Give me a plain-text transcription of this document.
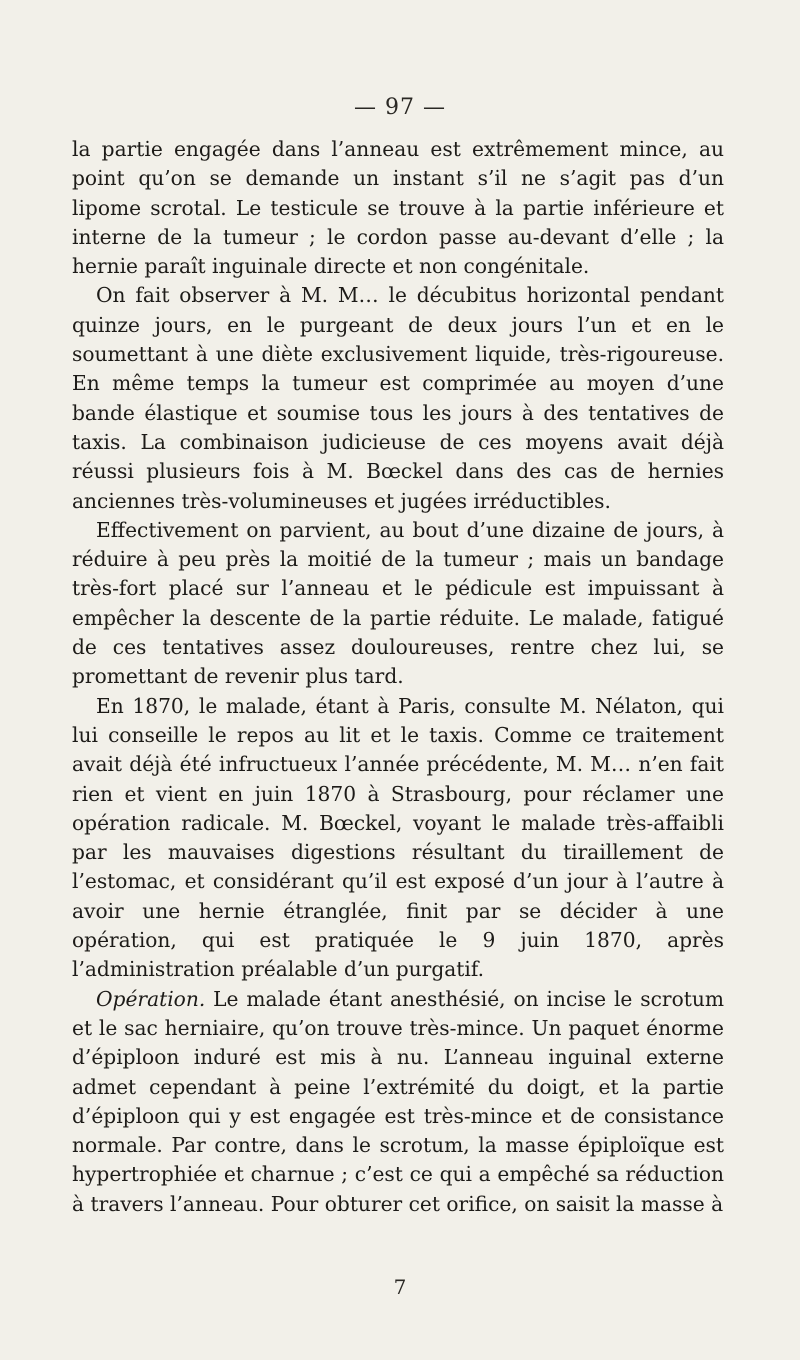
— 97 —

la partie engagée dans l’anneau est extrêmement mince, au point qu’on se demande un instant s’il ne s’agit pas d’un lipome scrotal. Le testicule se trouve à la partie inférieure et interne de la tumeur ; le cordon passe au-devant d’elle ; la hernie paraît inguinale directe et non congénitale.

On fait observer à M. M… le décubitus horizontal pendant quinze jours, en le purgeant de deux jours l’un et en le soumettant à une diète exclusivement liquide, très-rigoureuse. En même temps la tumeur est comprimée au moyen d’une bande élastique et soumise tous les jours à des tentatives de taxis. La combinaison judicieuse de ces moyens avait déjà réussi plusieurs fois à M. Bœckel dans des cas de hernies anciennes très-volumineuses et jugées irréductibles.

Effectivement on parvient, au bout d’une dizaine de jours, à réduire à peu près la moitié de la tumeur ; mais un bandage très-fort placé sur l’anneau et le pédicule est impuissant à empêcher la descente de la partie réduite. Le malade, fatigué de ces tentatives assez douloureuses, rentre chez lui, se promettant de revenir plus tard.

En 1870, le malade, étant à Paris, consulte M. Nélaton, qui lui conseille le repos au lit et le taxis. Comme ce traitement avait déjà été infructueux l’année précédente, M. M… n’en fait rien et vient en juin 1870 à Strasbourg, pour réclamer une opération radicale. M. Bœckel, voyant le malade très-affaibli par les mauvaises digestions résultant du tiraillement de l’estomac, et considérant qu’il est exposé d’un jour à l’autre à avoir une hernie étranglée, finit par se décider à une opération, qui est pratiquée le 9 juin 1870, après l’administration préalable d’un purgatif.

Opération. Le malade étant anesthésié, on incise le scrotum et le sac herniaire, qu’on trouve très-mince. Un paquet énorme d’épiploon induré est mis à nu. L’anneau inguinal externe admet cependant à peine l’extrémité du doigt, et la partie d’épiploon qui y est engagée est très-mince et de consistance normale. Par contre, dans le scrotum, la masse épiploïque est hypertrophiée et charnue ; c’est ce qui a empêché sa réduction à travers l’anneau. Pour obturer cet orifice, on saisit la masse à

7
